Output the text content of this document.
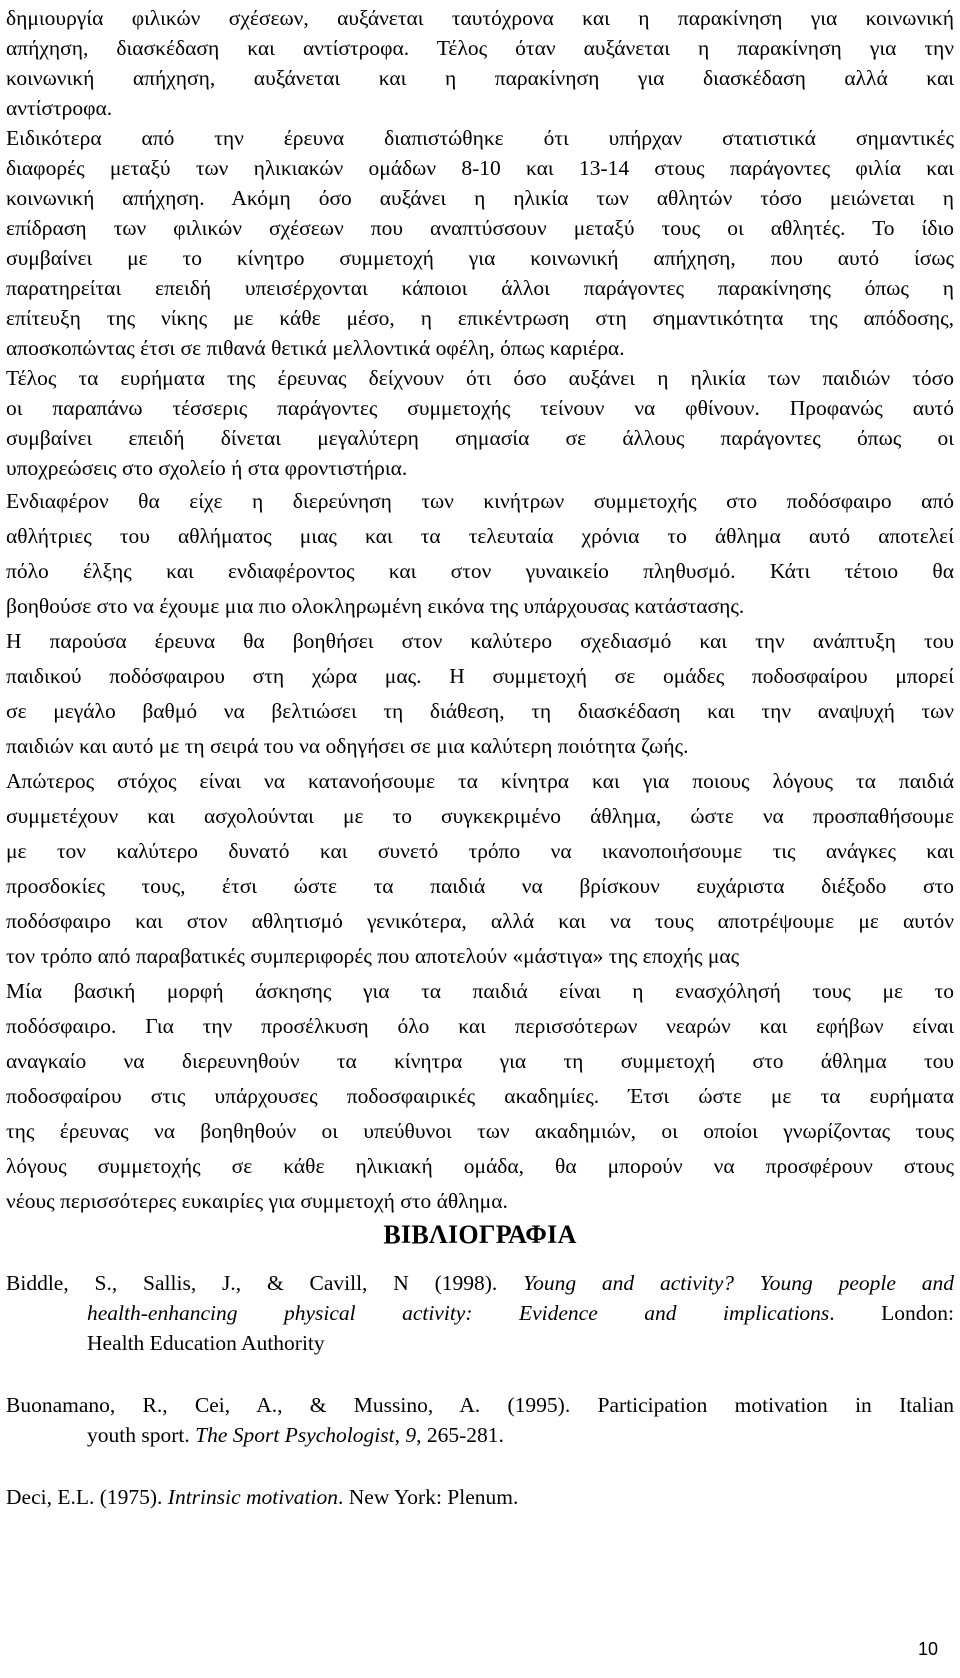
δημιουργία φιλικών σχέσεων, αυξάνεται ταυτόχρονα και η παρακίνηση για κοινωνική
απήχηση, διασκέδαση και αντίστροφα. Τέλος όταν αυξάνεται η παρακίνηση για την
κοινωνική απήχηση, αυξάνεται και η παρακίνηση για διασκέδαση αλλά και
αντίστροφα.
Ειδικότερα από την έρευνα διαπιστώθηκε ότι υπήρχαν στατιστικά σημαντικές
διαφορές μεταξύ των ηλικιακών ομάδων 8-10 και 13-14 στους παράγοντες φιλία και
κοινωνική απήχηση. Ακόμη όσο αυξάνει η ηλικία των αθλητών τόσο μειώνεται η
επίδραση των φιλικών σχέσεων που αναπτύσσουν μεταξύ τους οι αθλητές. Το ίδιο
συμβαίνει με το κίνητρο συμμετοχή για κοινωνική απήχηση, που αυτό ίσως
παρατηρείται επειδή υπεισέρχονται κάποιοι άλλοι παράγοντες παρακίνησης όπως η
επίτευξη της νίκης με κάθε μέσο, η επικέντρωση στη σημαντικότητα της απόδοσης,
αποσκοπώντας έτσι σε πιθανά θετικά μελλοντικά οφέλη, όπως καριέρα.
Τέλος τα ευρήματα της έρευνας δείχνουν ότι όσο αυξάνει η ηλικία των παιδιών τόσο
οι παραπάνω τέσσερις παράγοντες συμμετοχής τείνουν να φθίνουν. Προφανώς αυτό
συμβαίνει επειδή δίνεται μεγαλύτερη σημασία σε άλλους παράγοντες όπως οι
υποχρεώσεις στο σχολείο ή στα φροντιστήρια.
Ενδιαφέρον θα είχε η διερεύνηση των κινήτρων συμμετοχής στο ποδόσφαιρο από
αθλήτριες του αθλήματος μιας και τα τελευταία χρόνια το άθλημα αυτό αποτελεί
πόλο έλξης και ενδιαφέροντος και στον γυναικείο πληθυσμό. Κάτι τέτοιο θα
βοηθούσε στο να έχουμε μια πιο ολοκληρωμένη εικόνα της υπάρχουσας κατάστασης.
Η παρούσα έρευνα θα βοηθήσει στον καλύτερο σχεδιασμό και την ανάπτυξη του
παιδικού ποδόσφαιρου στη χώρα μας. Η συμμετοχή σε ομάδες ποδοσφαίρου μπορεί
σε μεγάλο βαθμό να βελτιώσει τη διάθεση, τη διασκέδαση και την αναψυχή των
παιδιών και αυτό με τη σειρά του να οδηγήσει σε μια καλύτερη ποιότητα ζωής.
Απώτερος στόχος είναι να κατανοήσουμε τα κίνητρα και για ποιους λόγους τα παιδιά
συμμετέχουν και ασχολούνται με το συγκεκριμένο άθλημα, ώστε να προσπαθήσουμε
με τον καλύτερο δυνατό και συνετό τρόπο να ικανοποιήσουμε τις ανάγκες και
προσδοκίες τους, έτσι ώστε τα παιδιά να βρίσκουν ευχάριστα διέξοδο στο
ποδόσφαιρο και στον αθλητισμό γενικότερα, αλλά και να τους αποτρέψουμε με αυτόν
τον τρόπο από παραβατικές συμπεριφορές που αποτελούν «μάστιγα» της εποχής μας
Μία βασική μορφή άσκησης για τα παιδιά είναι η ενασχόλησή τους με το
ποδόσφαιρο. Για την προσέλκυση όλο και περισσότερων νεαρών και εφήβων είναι
αναγκαίο να διερευνηθούν τα κίνητρα για τη συμμετοχή στο άθλημα του
ποδοσφαίρου στις υπάρχουσες ποδοσφαιρικές ακαδημίες. Έτσι ώστε με τα ευρήματα
της έρευνας να βοηθηθούν οι υπεύθυνοι των ακαδημιών, οι οποίοι γνωρίζοντας τους
λόγους συμμετοχής σε κάθε ηλικιακή ομάδα, θα μπορούν να προσφέρουν στους
νέους περισσότερες ευκαιρίες για συμμετοχή στο άθλημα.
ΒΙΒΛΙΟΓΡΑΦΙΑ
Biddle, S., Sallis, J., & Cavill, N (1998). Young and activity? Young people and
health-enhancing physical activity: Evidence and implications. London:
Health Education Authority
Buonamano, R., Cei, A., & Mussino, A. (1995). Participation motivation in Italian
youth sport. The Sport Psychologist, 9, 265-281.
Deci, E.L. (1975). Intrinsic motivation. New York: Plenum.
10
